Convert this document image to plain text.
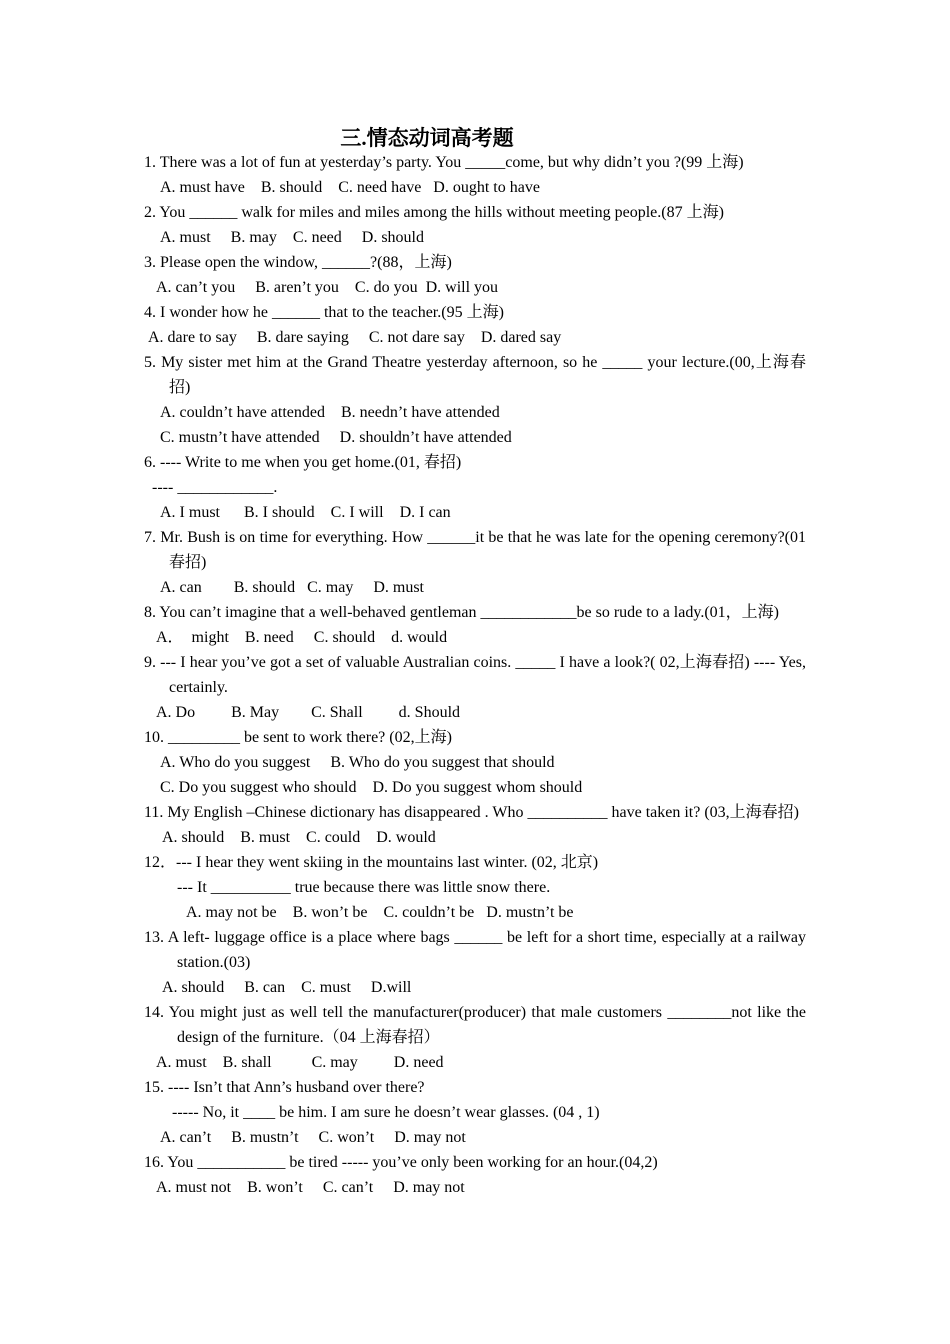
三.情态动词高考题
1. There was a lot of fun at yesterday’s party. You _____come, but why didn’t you ?(99 上海)
A. must have    B. should    C. need have   D. ought to have
2. You ______ walk for miles and miles among the hills without meeting people.(87 上海)
A. must     B. may    C. need     D. should
3. Please open the window, ______?(88，上海)
A. can’t you     B. aren’t you    C. do you  D. will you
4. I wonder how he ______ that to the teacher.(95 上海)
A. dare to say     B. dare saying     C. not dare say    D. dared say
5. My sister met him at the Grand Theatre yesterday afternoon, so he _____ your lecture.(00,上海春招)
A. couldn’t have attended    B. needn’t have attended
C. mustn’t have attended     D. shouldn’t have attended
6. ---- Write to me when you get home.(01, 春招)
---- ____________.
A. I must      B. I should    C. I will    D. I can
7. Mr. Bush is on time for everything. How ______it be that he was late for the opening ceremony?(01 春招)
A. can        B. should   C. may     D. must
8. You can’t imagine that a well-behaved gentleman ____________be so rude to a lady.(01，上海)
A．  might    B. need     C. should    d. would
9. --- I hear you’ve got a set of valuable Australian coins. _____ I have a look?( 02,上海春招) ---- Yes, certainly.
A. Do         B. May        C. Shall         d. Should
10. _________ be sent to work there? (02,上海)
A. Who do you suggest     B. Who do you suggest that should
C. Do you suggest who should    D. Do you suggest whom should
11. My English –Chinese dictionary has disappeared . Who __________ have taken it? (03,上海春招)
A. should    B. must    C. could    D. would
12．--- I hear they went skiing in the mountains last winter. (02, 北京)
--- It __________ true because there was little snow there.
A. may not be    B. won’t be    C. couldn’t be   D. mustn’t be
13. A left- luggage office is a place where bags ______ be left for a short time, especially at a railway station.(03)
A. should     B. can    C. must     D.will
14. You might just as well tell the manufacturer(producer) that male customers ________not like the design of the furniture.（04 上海春招）
A. must    B. shall          C. may         D. need
15. ---- Isn’t that Ann’s husband over there?
----- No, it ____ be him. I am sure he doesn’t wear glasses. (04 , 1)
A. can’t     B. mustn’t     C. won’t     D. may not
16. You ___________ be tired ----- you’ve only been working for an hour.(04,2)
A. must not    B. won’t     C. can’t     D. may not
